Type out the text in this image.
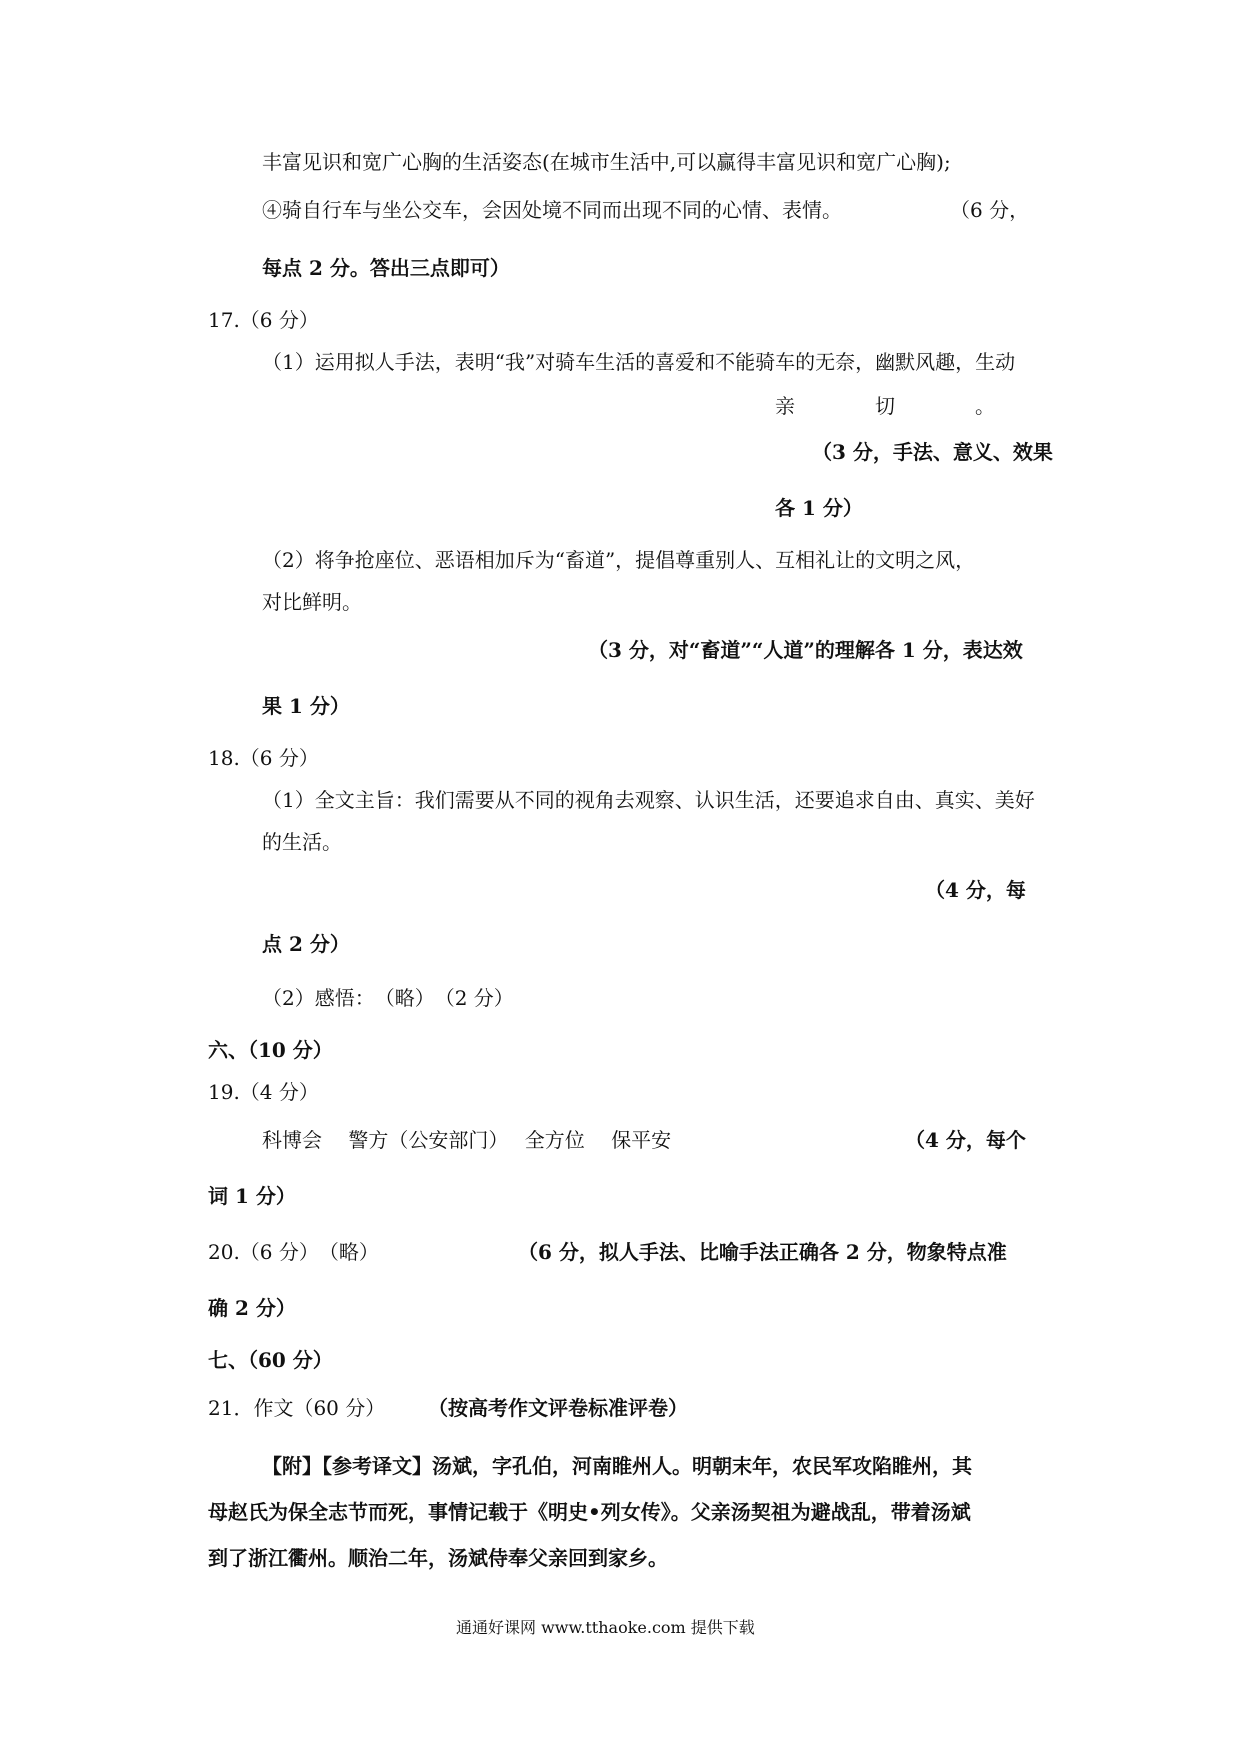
丰富见识和宽广心胸的生活姿态(在城市生活中,可以赢得丰富见识和宽广心胸);
④骑自行车与坐公交车，会因处境不同而出现不同的心情、表情。	（6 分，
每点 2 分。答出三点即可）
17.（6 分）
（1）运用拟人手法，表明“我”对骑车生活的喜爱和不能骑车的无奈，幽默风趣，生动
亲　　　　切　　　　。
（3 分，手法、意义、效果
各 1 分）
（2）将争抢座位、恶语相加斥为“畜道”，提倡尊重别人、互相礼让的文明之风，
对比鲜明。
（3 分，对“畜道”“人道”的理解各 1 分，表达效
果 1 分）
18.（6 分）
（1）全文主旨：我们需要从不同的视角去观察、认识生活，还要追求自由、真实、美好
的生活。
（4 分，每
点 2 分）
（2）感悟：　（略）　（2 分）
六、（10 分）
19.（4 分）
科博会　 警方（公安部门）　 全方位　 保平安	（4 分，每个
词 1 分）
20.（6 分）　（略）	（6 分，拟人手法、比喻手法正确各 2 分，物象特点准
确 2 分）
七、（60 分）
21．作文（60 分） （按高考作文评卷标准评卷）
【附】【参考译文】汤斌，字孔伯，河南睢州人。明朝末年，农民军攻陷睢州，其
母赵氏为保全志节而死，事情记载于《明史•列女传》。父亲汤契祖为避战乱，带着汤斌
到了浙江衢州。顺治二年，汤斌侍奉父亲回到家乡。
通通好课网 www.tthaoke.com 提供下载
